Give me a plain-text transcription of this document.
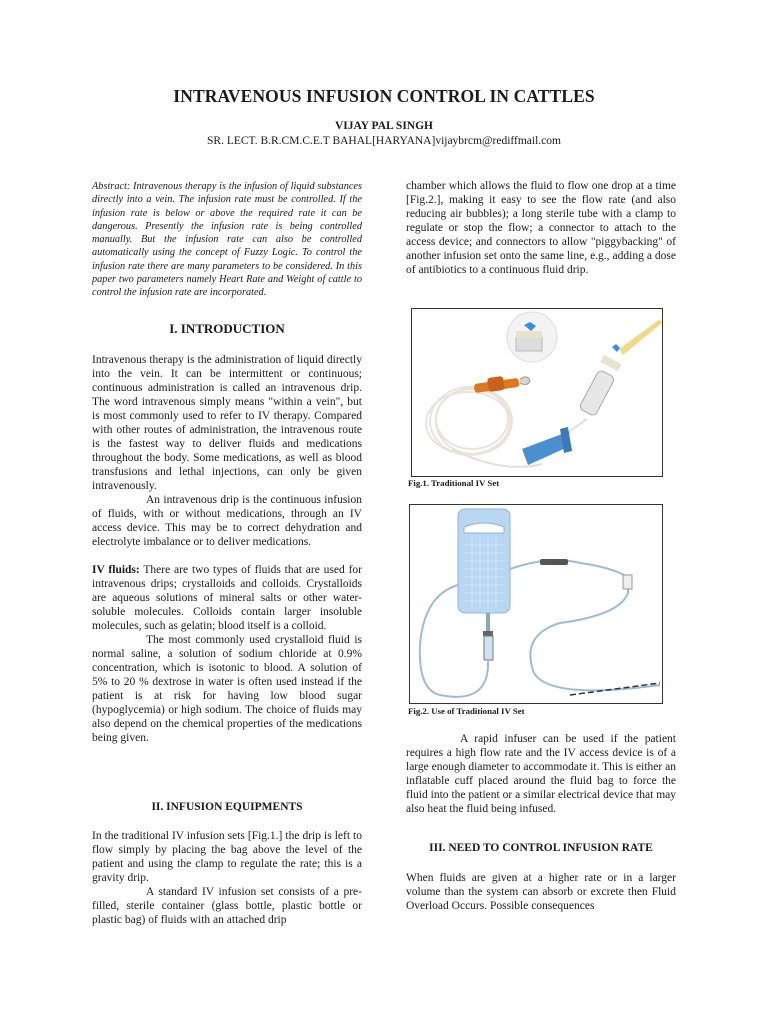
INTRAVENOUS INFUSION CONTROL IN CATTLES
VIJAY PAL SINGH
SR. LECT. B.R.CM.C.E.T BAHAL[HARYANA]vijaybrcm@rediffmail.com
Abstract: Intravenous therapy is the infusion of liquid substances directly into a vein. The infusion rate must be controlled. If the infusion rate is below or above the required rate it can be dangerous. Presently the infusion rate is being controlled manually. But the infusion rate can also be controlled automatically using the concept of Fuzzy Logic. To control the infusion rate there are many parameters to be considered. In this paper two parameters namely Heart Rate and Weight of cattle to control the infusion rate are incorporated.
I. INTRODUCTION

Intravenous therapy is the administration of liquid directly into the vein. It can be intermittent or continuous; continuous administration is called an intravenous drip. The word intravenous simply means "within a vein", but is most commonly used to refer to IV therapy. Compared with other routes of administration, the intravenous route is the fastest way to deliver fluids and medications throughout the body. Some medications, as well as blood transfusions and lethal injections, can only be given intravenously.

An intravenous drip is the continuous infusion of fluids, with or without medications, through an IV access device. This may be to correct dehydration and electrolyte imbalance or to deliver medications.

IV fluids: There are two types of fluids that are used for intravenous drips; crystalloids and colloids. Crystalloids are aqueous solutions of mineral salts or other water-soluble molecules. Colloids contain larger insoluble molecules, such as gelatin; blood itself is a colloid.

The most commonly used crystalloid fluid is normal saline, a solution of sodium chloride at 0.9% concentration, which is isotonic to blood. A solution of 5% to 20 % dextrose in water is often used instead if the patient is at risk for having low blood sugar (hypoglycemia) or high sodium. The choice of fluids may also depend on the chemical properties of the medications being given.

II. INFUSION EQUIPMENTS

In the traditional IV infusion sets [Fig.1.] the drip is left to flow simply by placing the bag above the level of the patient and using the clamp to regulate the rate; this is a gravity drip.

A standard IV infusion set consists of a pre-filled, sterile container (glass bottle, plastic bottle or plastic bag) of fluids with an attached drip

chamber which allows the fluid to flow one drop at a time [Fig.2.], making it easy to see the flow rate (and also reducing air bubbles); a long sterile tube with a clamp to regulate or stop the flow; a connector to attach to the access device; and connectors to allow "piggybacking" of another infusion set onto the same line, e.g., adding a dose of antibiotics to a continuous fluid drip.
Fig.1. Traditional IV Set
Fig.2. Use of Traditional IV Set
A rapid infuser can be used if the patient requires a high flow rate and the IV access device is of a large enough diameter to accommodate it. This is either an inflatable cuff placed around the fluid bag to force the fluid into the patient or a similar electrical device that may also heat the fluid being infused.
III. NEED TO CONTROL INFUSION RATE
When fluids are given at a higher rate or in a larger volume than the system can absorb or excrete then Fluid Overload Occurs. Possible consequences
